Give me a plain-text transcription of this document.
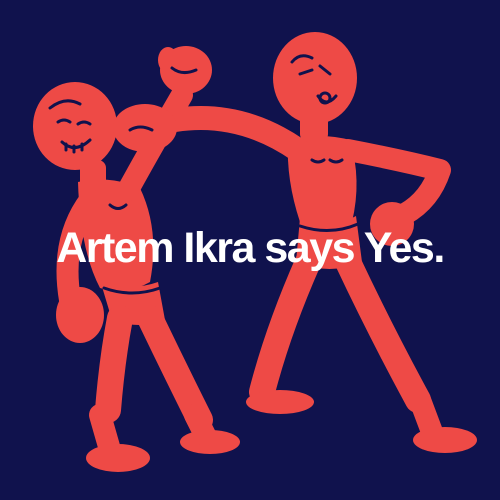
Artem Ikra says Yes.
